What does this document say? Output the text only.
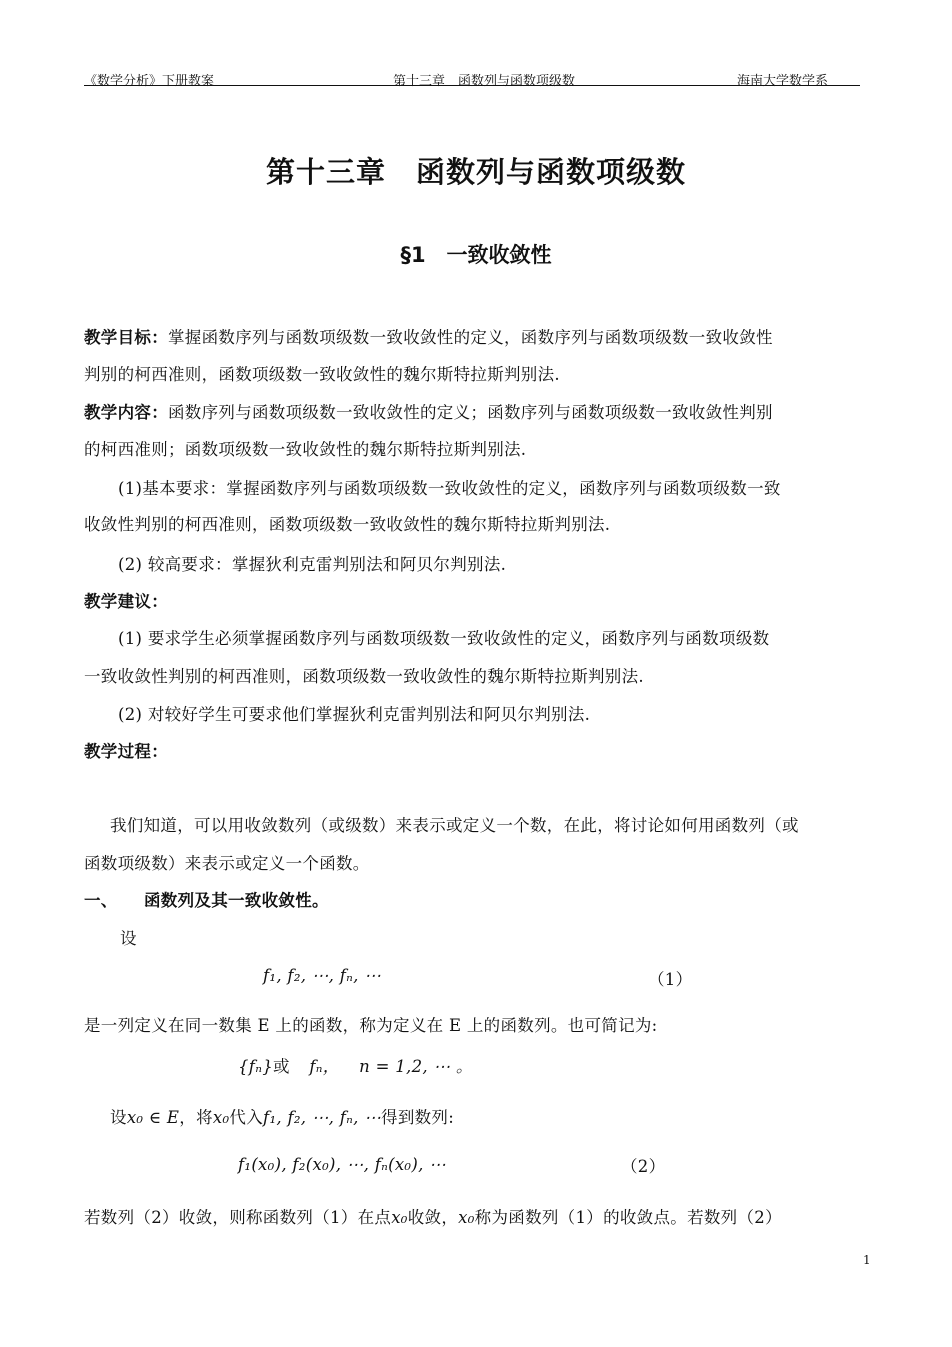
《数学分析》下册教案	第十三章　函数列与函数项级数	海南大学数学系
第十三章　函数列与函数项级数
§1　一致收敛性
教学目标：掌握函数序列与函数项级数一致收敛性的定义，函数序列与函数项级数一致收敛性
判别的柯西准则，函数项级数一致收敛性的魏尔斯特拉斯判别法.
教学内容：函数序列与函数项级数一致收敛性的定义；函数序列与函数项级数一致收敛性判别
的柯西准则；函数项级数一致收敛性的魏尔斯特拉斯判别法.
(1)基本要求：掌握函数序列与函数项级数一致收敛性的定义，函数序列与函数项级数一致
收敛性判别的柯西准则，函数项级数一致收敛性的魏尔斯特拉斯判别法.
(2) 较高要求：掌握狄利克雷判别法和阿贝尔判别法.
教学建议：
(1) 要求学生必须掌握函数序列与函数项级数一致收敛性的定义，函数序列与函数项级数
一致收敛性判别的柯西准则，函数项级数一致收敛性的魏尔斯特拉斯判别法.
(2) 对较好学生可要求他们掌握狄利克雷判别法和阿贝尔判别法.
教学过程：
我们知道，可以用收敛数列（或级数）来表示或定义一个数，在此，将讨论如何用函数列（或
函数项级数）来表示或定义一个函数。
一、 函数列及其一致收敛性。
设
f₁, f₂, ⋯, fₙ, ⋯	（1）
是一列定义在同一数集 E 上的函数，称为定义在 E 上的函数列。也可简记为:
{fₙ}或 fₙ， n = 1,2, ⋯ 。
设x₀ ∈ E，将x₀代入f₁, f₂, ⋯, fₙ, ⋯得到数列:
f₁(x₀), f₂(x₀), ⋯, fₙ(x₀), ⋯	（2）
若数列（2）收敛，则称函数列（1）在点x₀收敛，x₀称为函数列（1）的收敛点。若数列（2）
1
